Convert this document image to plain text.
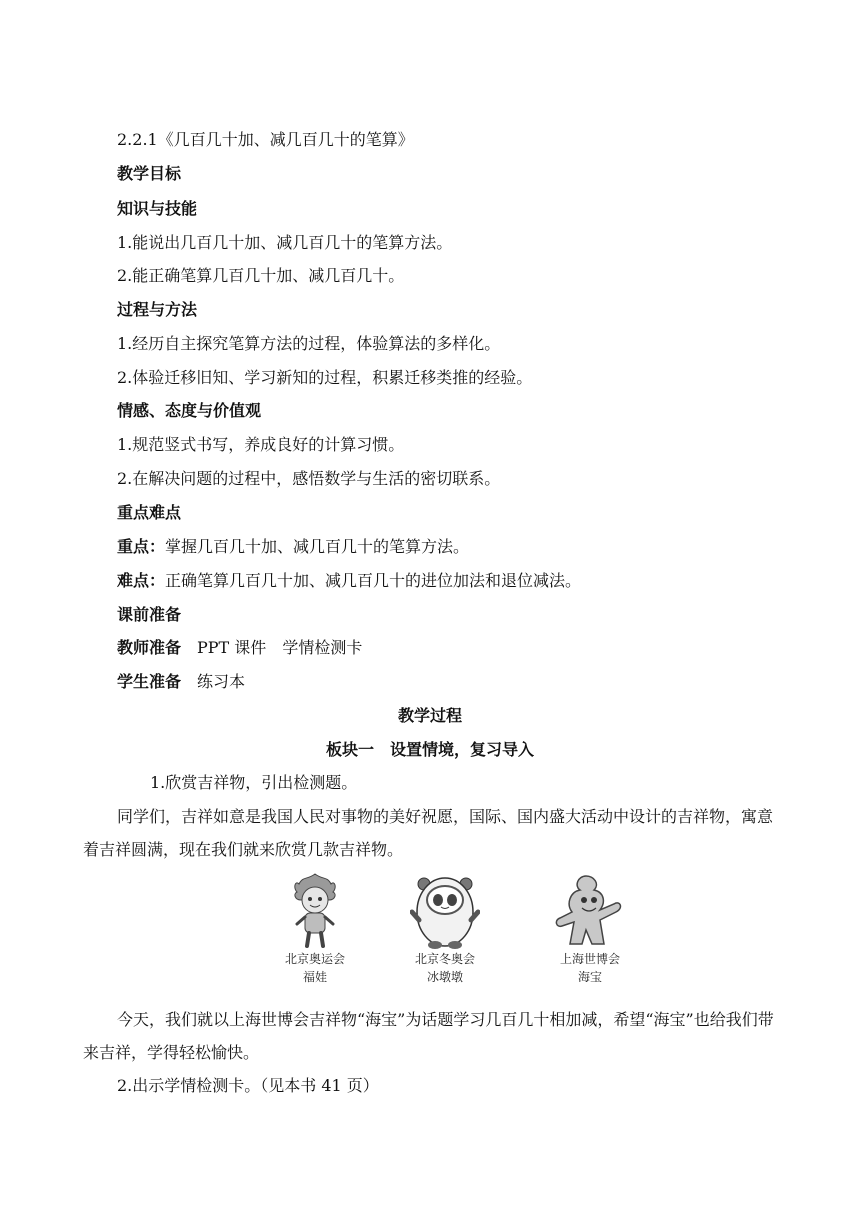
2.2.1《几百几十加、减几百几十的笔算》
教学目标
知识与技能
1.能说出几百几十加、减几百几十的笔算方法。
2.能正确笔算几百几十加、减几百几十。
过程与方法
1.经历自主探究笔算方法的过程，体验算法的多样化。
2.体验迁移旧知、学习新知的过程，积累迁移类推的经验。
情感、态度与价值观
1.规范竖式书写，养成良好的计算习惯。
2.在解决问题的过程中，感悟数学与生活的密切联系。
重点难点
重点：掌握几百几十加、减几百几十的笔算方法。
难点：正确笔算几百几十加、减几百几十的进位加法和退位减法。
课前准备
教师准备 PPT 课件 学情检测卡
学生准备 练习本
教学过程
板块一　设置情境，复习导入
1.欣赏吉祥物，引出检测题。
同学们，吉祥如意是我国人民对事物的美好祝愿，国际、国内盛大活动中设计的吉祥物，寓意着吉祥圆满，现在我们就来欣赏几款吉祥物。
北京奥运会
福娃
北京冬奥会
冰墩墩
上海世博会
海宝
今天，我们就以上海世博会吉祥物“海宝”为话题学习几百几十相加减，希望“海宝”也给我们带来吉祥，学得轻松愉快。
2.出示学情检测卡。（见本书 41 页）
